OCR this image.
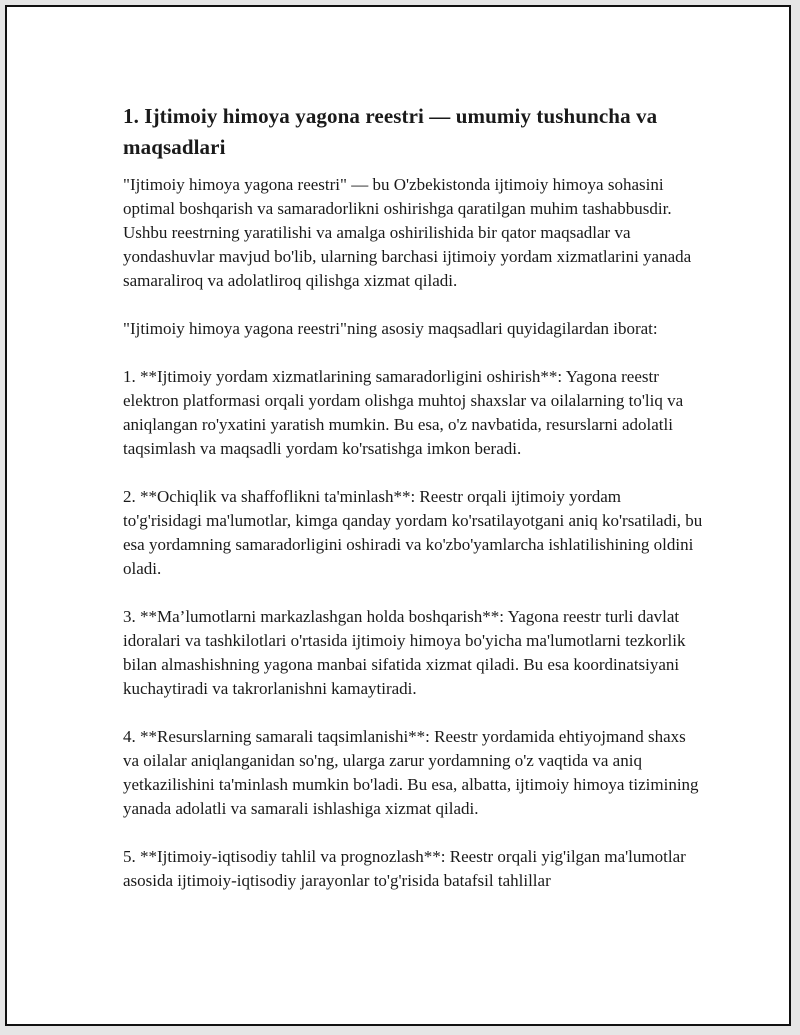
1. Ijtimoiy himoya yagona reestri — umumiy tushuncha va maqsadlari

"Ijtimoiy himoya yagona reestri" — bu O'zbekistonda ijtimoiy himoya sohasini optimal boshqarish va samaradorlikni oshirishga qaratilgan muhim tashabbusdir. Ushbu reestrning yaratilishi va amalga oshirilishida bir qator maqsadlar va yondashuvlar mavjud bo'lib, ularning barchasi ijtimoiy yordam xizmatlarini yanada samaraliroq va adolatliroq qilishga xizmat qiladi.

"Ijtimoiy himoya yagona reestri"ning asosiy maqsadlari quyidagilardan iborat:

1. **Ijtimoiy yordam xizmatlarining samaradorligini oshirish**: Yagona reestr elektron platformasi orqali yordam olishga muhtoj shaxslar va oilalarning to'liq va aniqlangan ro'yxatini yaratish mumkin. Bu esa, o'z navbatida, resurslarni adolatli taqsimlash va maqsadli yordam ko'rsatishga imkon beradi.

2. **Ochiqlik va shaffoflikni ta'minlash**: Reestr orqali ijtimoiy yordam to'g'risidagi ma'lumotlar, kimga qanday yordam ko'rsatilayotgani aniq ko'rsatiladi, bu esa yordamning samaradorligini oshiradi va ko'zbo'yamlarcha ishlatilishining oldini oladi.

3. **Ma’lumotlarni markazlashgan holda boshqarish**: Yagona reestr turli davlat idoralari va tashkilotlari o'rtasida ijtimoiy himoya bo'yicha ma'lumotlarni tezkorlik bilan almashishning yagona manbai sifatida xizmat qiladi. Bu esa koordinatsiyani kuchaytiradi va takrorlanishni kamaytiradi.

4. **Resurslarning samarali taqsimlanishi**: Reestr yordamida ehtiyojmand shaxs va oilalar aniqlanganidan so'ng, ularga zarur yordamning o'z vaqtida va aniq yetkazilishini ta'minlash mumkin bo'ladi. Bu esa, albatta, ijtimoiy himoya tizimining yanada adolatli va samarali ishlashiga xizmat qiladi.

5. **Ijtimoiy-iqtisodiy tahlil va prognozlash**: Reestr orqali yig'ilgan ma'lumotlar asosida ijtimoiy-iqtisodiy jarayonlar to'g'risida batafsil tahlillar
